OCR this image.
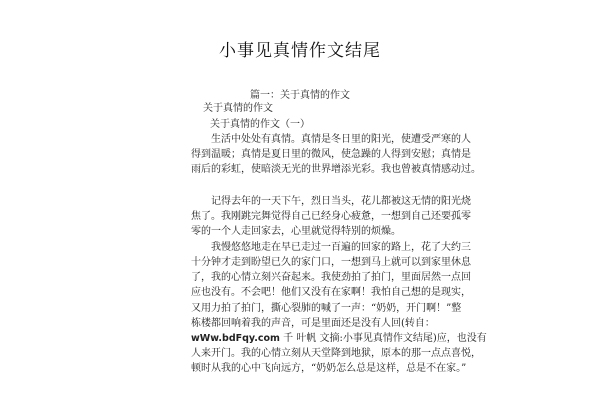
小事见真情作文结尾
篇一：关于真情的作文
关于真情的作文
关于真情的作文（一）
生活中处处有真情。真情是冬日里的阳光，使遭受严寒的人
得到温暖；真情是夏日里的微风，使急躁的人得到安慰；真情是
雨后的彩虹，使暗淡无光的世界增添光彩。我也曾被真情感动过。
记得去年的一天下午，烈日当头，花儿都被这无情的阳光烧
焦了。我刚跳完舞觉得自己已经身心疲惫，一想到自己还要孤零
零的一个人走回家去，心里就觉得特别的烦燥。
我慢悠悠地走在早已走过一百遍的回家的路上，花了大约三
十分钟才走到盼望已久的家门口，一想到马上就可以到家里休息
了，我的心情立刻兴奋起来。我使劲拍了拍门，里面居然一点回
应也没有。不会吧！他们又没有在家啊！我怕自己想的是现实，
又用力拍了拍门，撕心裂肺的喊了一声：“奶奶，开门啊！”整
栋楼都回响着我的声音，可是里面还是没有人回(转自：
wWw.bdFqy.com 千 叶帆 文摘:小事见真情作文结尾)应，也没有
人来开门。我的心情立刻从天堂降到地狱，原本的那一点点喜悦，
顿时从我的心中飞向远方，“奶奶怎么总是这样，总是不在家。”
